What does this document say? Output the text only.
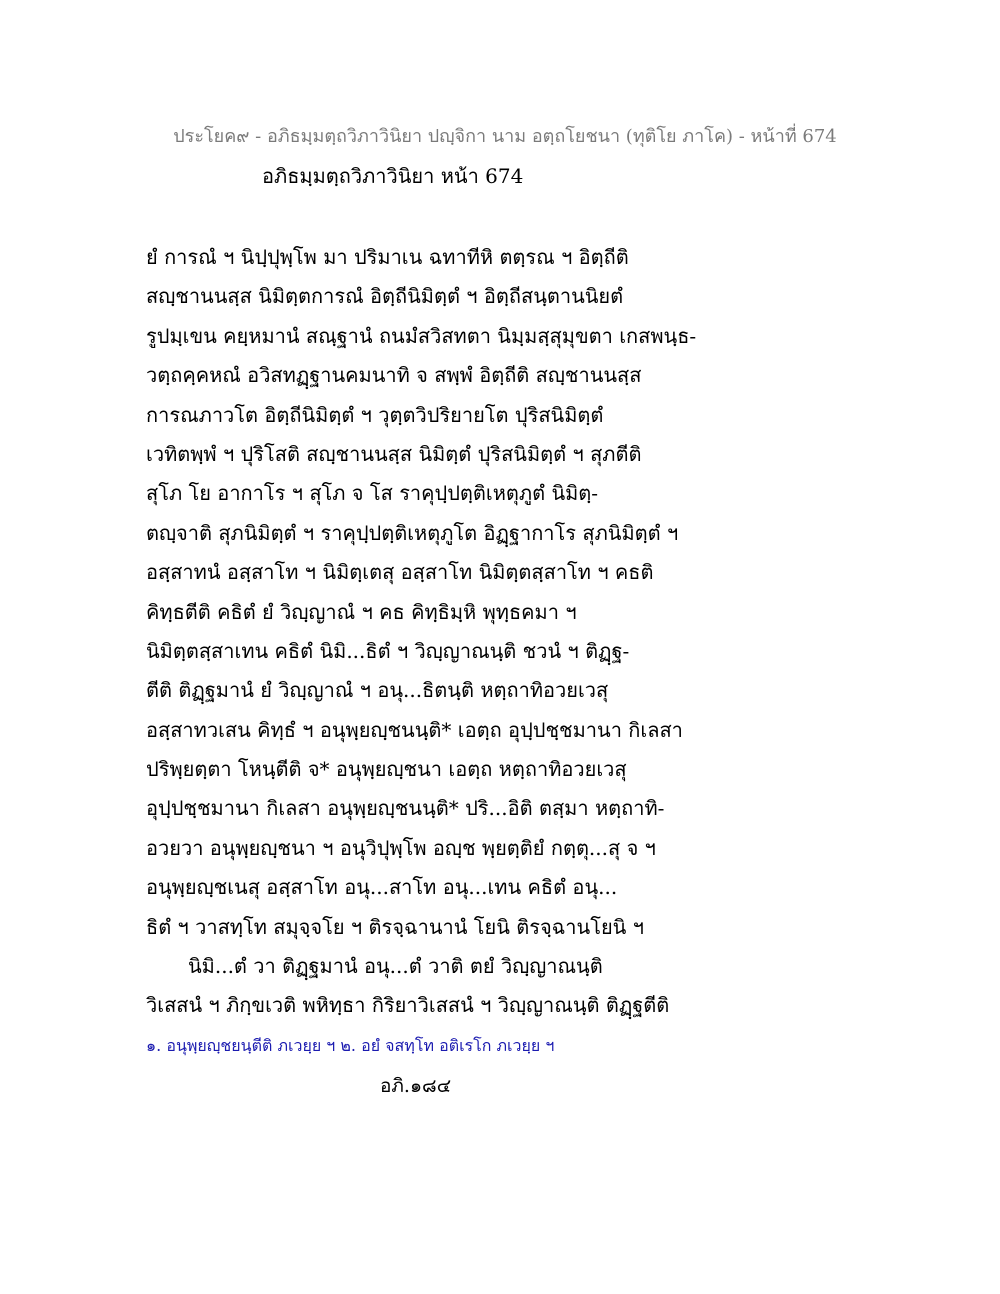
ประโยค๙ - อภิธมฺมตฺถวิภาวินิยา ปญฺจิกา นาม อตฺถโยชนา (ทุติโย ภาโค) - หน้าที่ 674
อภิธมฺมตฺถวิภาวินิยา หน้า 674
ยํ การณํ ฯ นิปฺปุพฺโพ มา ปริมาเน ฉทาทีหิ ตตฺรณ ฯ อิตฺถีติ
สญฺชานนสฺส นิมิตฺตการณํ อิตฺถีนิมิตฺตํ ฯ อิตฺถีสนฺตานนิยตํ
รูปมฺเขน คยฺหมานํ สณฺฐานํ ถนมํสวิสทตา นิมฺมสฺสุมุขตา เกสพนฺธ-
วตฺถคฺคหณํ อวิสทฏฺฐานคมนาทิ จ สพฺพํ อิตฺถีติ สญฺชานนสฺส
การณภาวโต อิตฺถีนิมิตฺตํ ฯ วุตฺตวิปริยายโต ปุริสนิมิตฺตํ
เวทิตพฺพํ ฯ ปุริโสติ สญฺชานนสฺส นิมิตฺตํ ปุริสนิมิตฺตํ ฯ สุภตีติ
สุโภ โย อากาโร ฯ สุโภ จ โส ราคุปฺปตฺติเหตุภูตํ นิมิตฺ-
ตญฺจาติ สุภนิมิตฺตํ ฯ ราคุปฺปตฺติเหตุภูโต อิฏฺฐากาโร สุภนิมิตฺตํ ฯ
อสฺสาทนํ อสฺสาโท ฯ นิมิตฺเตสุ อสฺสาโท นิมิตฺตสฺสาโท ฯ คธติ
คิทฺธตีติ คธิตํ ยํ วิญฺญาณํ ฯ คธ คิทฺธิมฺหิ พุทฺธคมา ฯ
นิมิตฺตสฺสาเทน คธิตํ นิมิ...ธิตํ ฯ วิญฺญาณนฺติ ชวนํ ฯ ติฏฺฐ-
ตีติ ติฏฺฐมานํ ยํ วิญฺญาณํ ฯ อนุ...ธิตนฺติ หตฺถาทิอวยเวสุ
อสฺสาทวเสน คิทฺธํ ฯ อนุพฺยญฺชนนฺติ* เอตฺถ อุปฺปชฺชมานา กิเลสา
ปริพฺยตฺตา โหนฺตีติ จ* อนุพฺยญฺชนา เอตฺถ หตฺถาทิอวยเวสุ
อุปฺปชฺชมานา กิเลสา อนุพฺยญฺชนนฺติ* ปริ...อิติ ตสฺมา หตฺถาทิ-
อวยวา อนุพฺยญฺชนา ฯ อนุวิปุพฺโพ อญฺช พฺยตฺติยํ กตฺตุ...สุ จ ฯ
อนุพฺยญฺชเนสุ อสฺสาโท อนุ...สาโท อนุ...เทน คธิตํ อนุ...
ธิตํ ฯ วาสทฺโท สมุจฺจโย ฯ ติรจฺฉานานํ โยนิ ติรจฺฉานโยนิ ฯ
นิมิ...ตํ วา ติฏฺฐมานํ อนุ...ตํ วาติ ตยํ วิญฺญาณนฺติ
วิเสสนํ ฯ ภิกฺขเวติ พหิทฺธา กิริยาวิเสสนํ ฯ วิญฺญาณนฺติ ติฏฺฐตีติ
๑. อนุพฺยญฺชยนฺตีติ ภเวยฺย ฯ ๒. อยํ จสทฺโท อติเรโก ภเวยฺย ฯ
อภิ.๑๘๔
